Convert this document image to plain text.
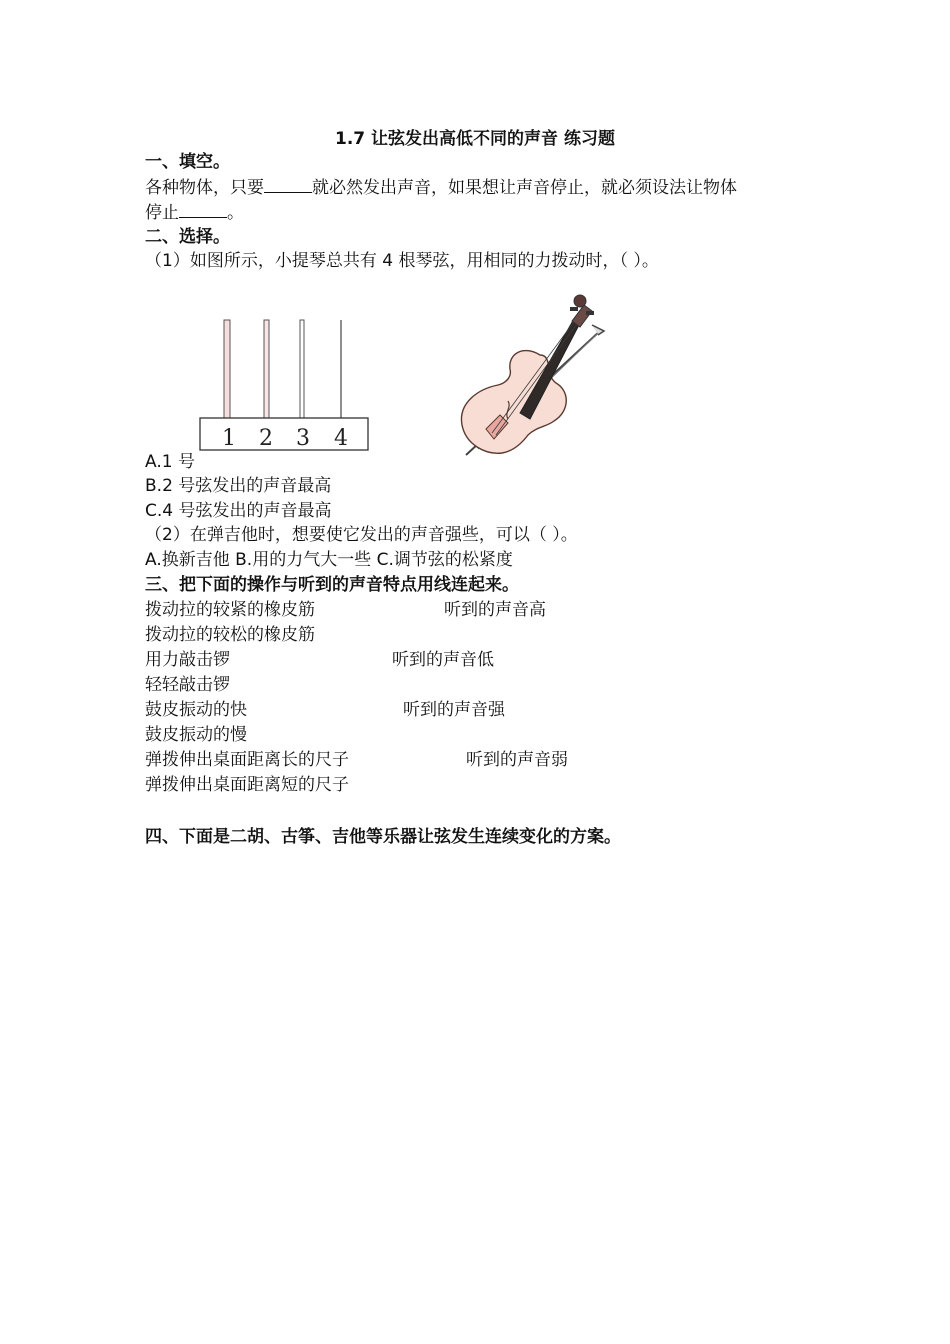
1.7 让弦发出高低不同的声音 练习题
一、填空。
各种物体，只要	就必然发出声音，如果想让声音停止，就必须设法让物体
停止	。
二、选择。
（1）如图所示，小提琴总共有 4 根琴弦，用相同的力拨动时，（ ）。
1 2 3 4
A.1 号
B.2 号弦发出的声音最高
C.4 号弦发出的声音最高
（2）在弹吉他时，想要使它发出的声音强些，可以（ ）。
A.换新吉他 B.用的力气大一些 C.调节弦的松紧度
三、把下面的操作与听到的声音特点用线连起来。
拨动拉的较紧的橡皮筋
拨动拉的较松的橡皮筋
用力敲击锣
轻轻敲击锣
鼓皮振动的快
鼓皮振动的慢
弹拨伸出桌面距离长的尺子
弹拨伸出桌面距离短的尺子
听到的声音高
听到的声音低
听到的声音强
听到的声音弱
四、下面是二胡、古筝、吉他等乐器让弦发生连续变化的方案。
